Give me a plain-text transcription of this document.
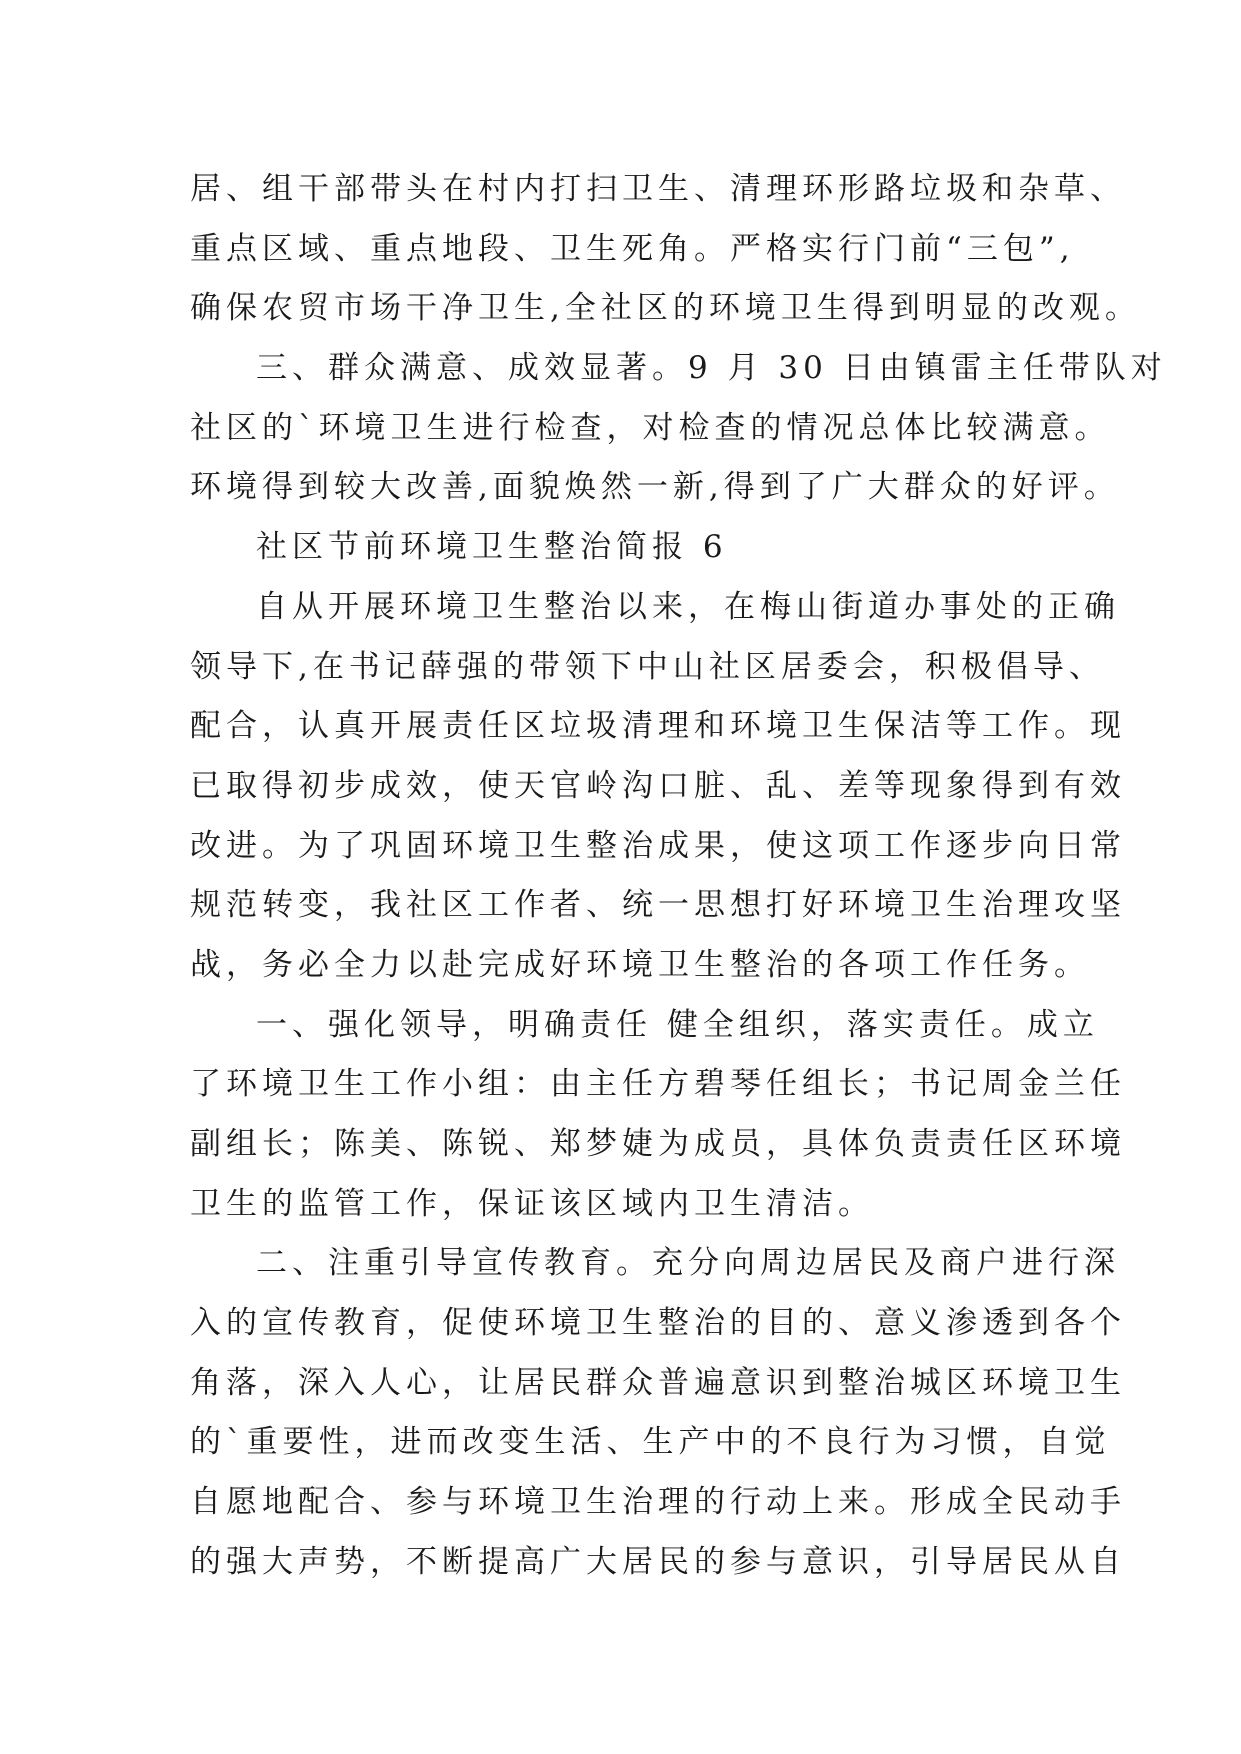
居、组干部带头在村内打扫卫生、清理环形路垃圾和杂草、
重点区域、重点地段、卫生死角。严格实行门前“三包”,
确保农贸市场干净卫生,全社区的环境卫生得到明显的改观。
三、群众满意、成效显著。9 月 30 日由镇雷主任带队对
社区的`环境卫生进行检查，对检查的情况总体比较满意。
环境得到较大改善,面貌焕然一新,得到了广大群众的好评。
社区节前环境卫生整治简报 6
自从开展环境卫生整治以来，在梅山街道办事处的正确
领导下,在书记薛强的带领下中山社区居委会，积极倡导、
配合，认真开展责任区垃圾清理和环境卫生保洁等工作。现
已取得初步成效，使天官岭沟口脏、乱、差等现象得到有效
改进。为了巩固环境卫生整治成果，使这项工作逐步向日常
规范转变，我社区工作者、统一思想打好环境卫生治理攻坚
战，务必全力以赴完成好环境卫生整治的各项工作任务。
一、强化领导，明确责任 健全组织，落实责任。成立
了环境卫生工作小组：由主任方碧琴任组长；书记周金兰任
副组长；陈美、陈锐、郑梦婕为成员，具体负责责任区环境
卫生的监管工作，保证该区域内卫生清洁。
二、注重引导宣传教育。充分向周边居民及商户进行深
入的宣传教育，促使环境卫生整治的目的、意义渗透到各个
角落，深入人心，让居民群众普遍意识到整治城区环境卫生
的`重要性，进而改变生活、生产中的不良行为习惯，自觉
自愿地配合、参与环境卫生治理的行动上来。形成全民动手
的强大声势，不断提高广大居民的参与意识，引导居民从自
